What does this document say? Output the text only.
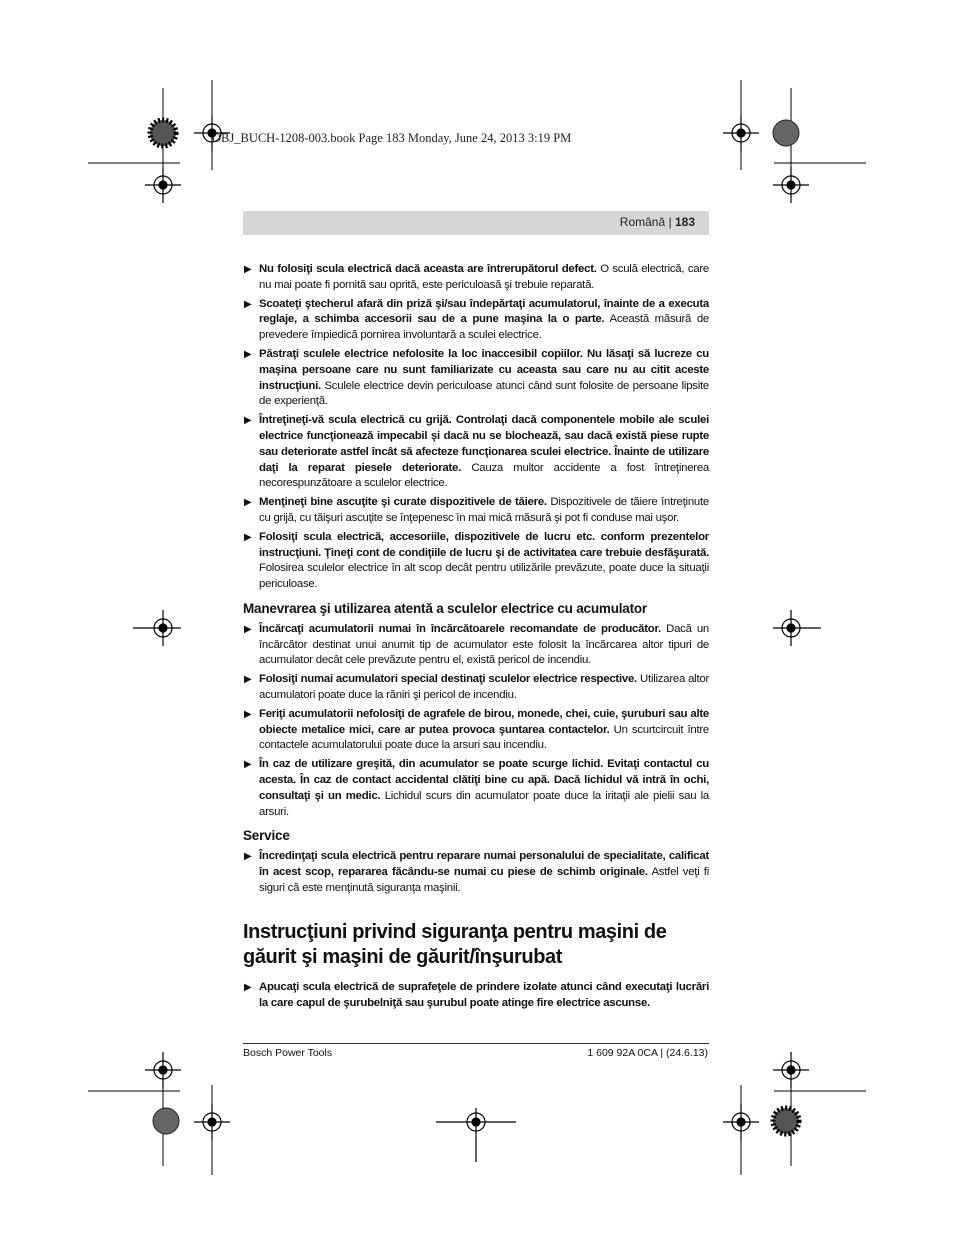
OBJ_BUCH-1208-003.book Page 183 Monday, June 24, 2013 3:19 PM
Română | 183
▶ Nu folosiţi scula electrică dacă aceasta are întrerupătorul defect. O sculă electrică, care nu mai poate fi pornită sau oprită, este periculoasă şi trebuie reparată.
▶ Scoateţi ştecherul afară din priză şi/sau îndepărtaţi acumulatorul, înainte de a executa reglaje, a schimba accesorii sau de a pune maşina la o parte. Această măsură de prevedere împiedică pornirea involuntară a sculei electrice.
▶ Păstraţi sculele electrice nefolosite la loc inaccesibil copiilor. Nu lăsaţi să lucreze cu maşina persoane care nu sunt familiarizate cu aceasta sau care nu au citit aceste instrucţiuni. Sculele electrice devin periculoase atunci când sunt folosite de persoane lipsite de experienţă.
▶ Întreţineţi-vă scula electrică cu grijă. Controlaţi dacă componentele mobile ale sculei electrice funcţionează impecabil şi dacă nu se blochează, sau dacă există piese rupte sau deteriorate astfel încât să afecteze funcţionarea sculei electrice. Înainte de utilizare daţi la reparat piesele deteriorate. Cauza multor accidente a fost întreţinerea necorespunzătoare a sculelor electrice.
▶ Menţineţi bine ascuţite şi curate dispozitivele de tăiere. Dispozitivele de tăiere întreţinute cu grijă, cu tăişuri ascuţite se înţepenesc în mai mică măsură şi pot fi conduse mai uşor.
▶ Folosiţi scula electrică, accesoriile, dispozitivele de lucru etc. conform prezentelor instrucţiuni. Ţineţi cont de condiţiile de lucru şi de activitatea care trebuie desfăşurată. Folosirea sculelor electrice în alt scop decât pentru utilizările prevăzute, poate duce la situaţii periculoase.
Manevrarea şi utilizarea atentă a sculelor electrice cu acumulator
▶ Încărcaţi acumulatorii numai în încărcătoarele recomandate de producător. Dacă un încărcător destinat unui anumit tip de acumulator este folosit la încărcarea altor tipuri de acumulator decât cele prevăzute pentru el, există pericol de incendiu.
▶ Folosiţi numai acumulatori special destinaţi sculelor electrice respective. Utilizarea altor acumulatori poate duce la răniri şi pericol de incendiu.
▶ Feriţi acumulatorii nefolosiţi de agrafele de birou, monede, chei, cuie, şuruburi sau alte obiecte metalice mici, care ar putea provoca şuntarea contactelor. Un scurtcircuit între contactele acumulatorului poate duce la arsuri sau incendiu.
▶ În caz de utilizare greşită, din acumulator se poate scurge lichid. Evitaţi contactul cu acesta. În caz de contact accidental clătiţi bine cu apă. Dacă lichidul vă intră în ochi, consultaţi şi un medic. Lichidul scurs din acumulator poate duce la iritaţii ale pielii sau la arsuri.
Service
▶ Încredinţaţi scula electrică pentru reparare numai personalului de specialitate, calificat în acest scop, repararea făcându-se numai cu piese de schimb originale. Astfel veţi fi siguri că este menţinută siguranţa maşinii.
Instrucţiuni privind siguranţa pentru maşini de găurit şi maşini de găurit/înşurubat
▶ Apucaţi scula electrică de suprafeţele de prindere izolate atunci când executaţi lucrări la care capul de şurubelniţă sau şurubul poate atinge fire electrice ascunse.
Bosch Power Tools	1 609 92A 0CA | (24.6.13)
